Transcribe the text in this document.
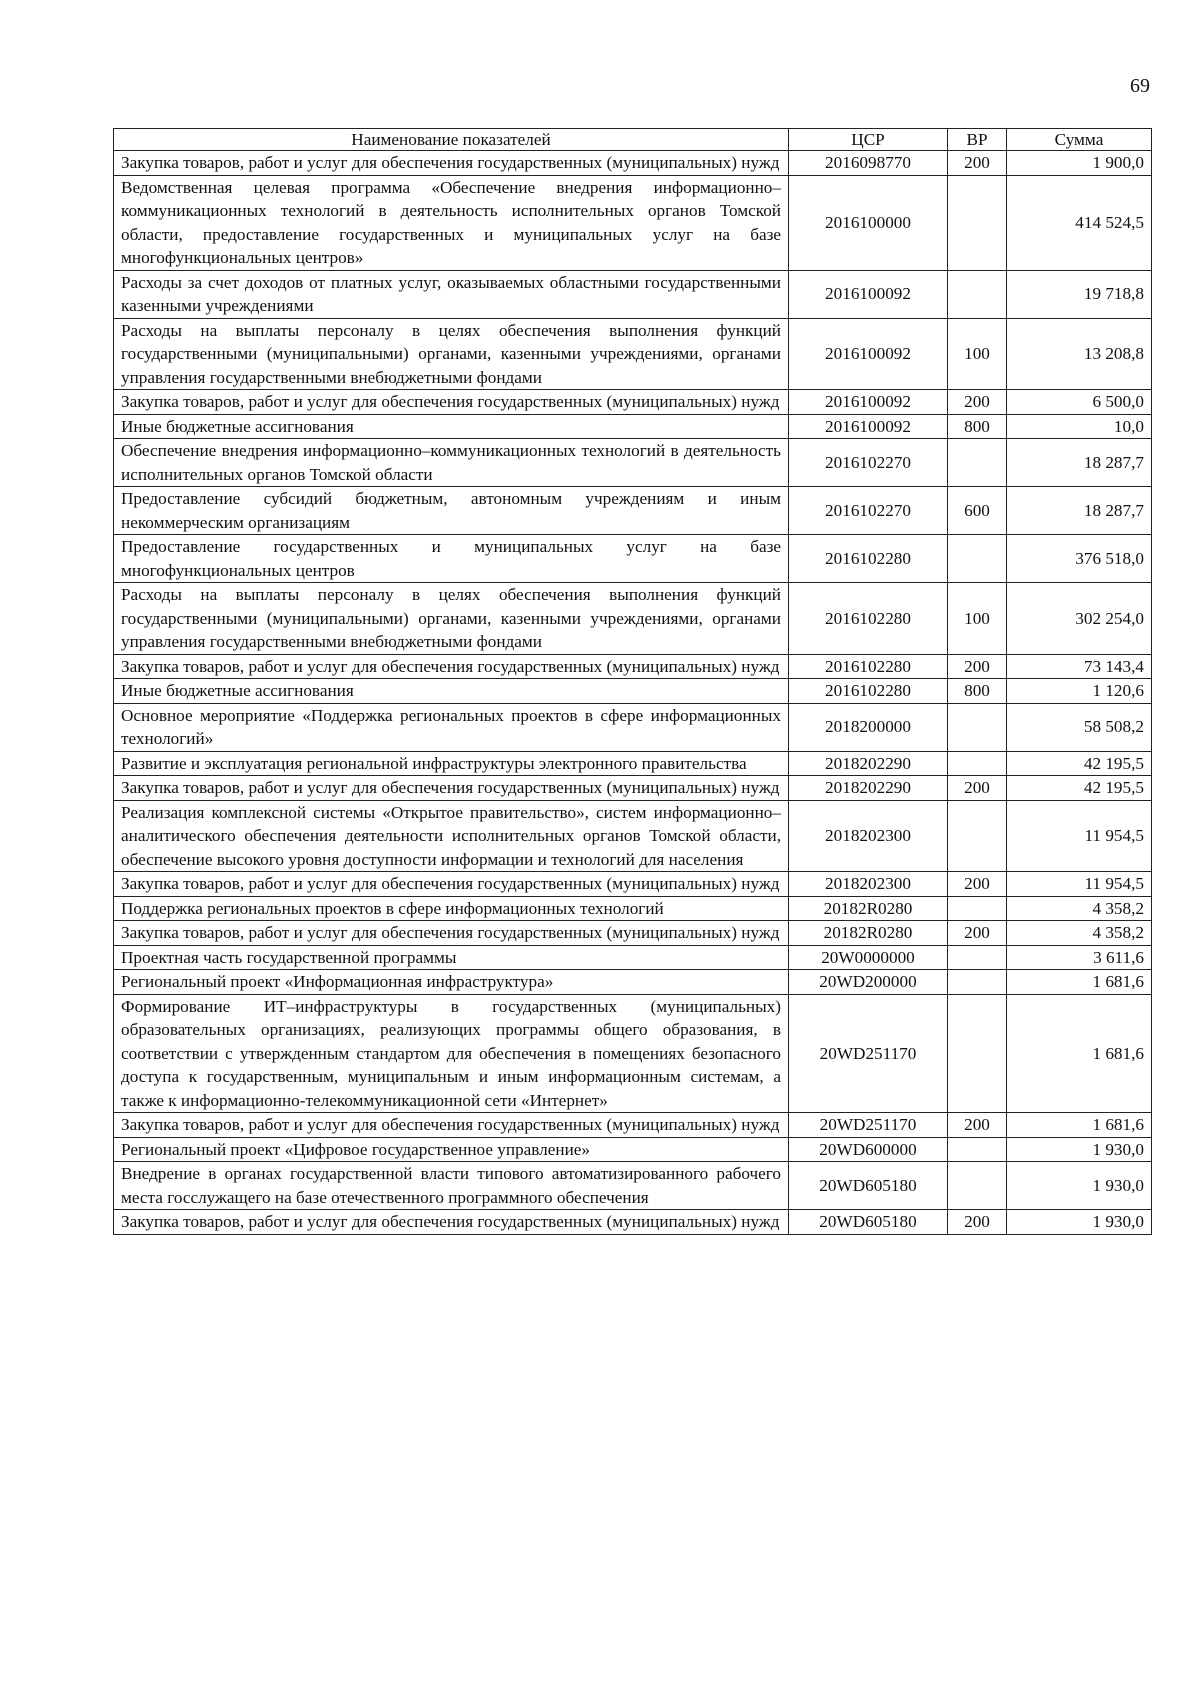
69
Наименование показателей	ЦСР	ВР	Сумма
Закупка товаров, работ и услуг для обеспечения государственных (муниципальных) нужд	2016098770	200	1 900,0
Ведомственная целевая программа «Обеспечение внедрения информационно–коммуникационных технологий в деятельность исполнительных органов Томской области, предоставление государственных и муниципальных услуг на базе многофункциональных центров»	2016100000		414 524,5
Расходы за счет доходов от платных услуг, оказываемых областными государственными казенными учреждениями	2016100092		19 718,8
Расходы на выплаты персоналу в целях обеспечения выполнения функций государственными (муниципальными) органами, казенными учреждениями, органами управления государственными внебюджетными фондами	2016100092	100	13 208,8
Закупка товаров, работ и услуг для обеспечения государственных (муниципальных) нужд	2016100092	200	6 500,0
Иные бюджетные ассигнования	2016100092	800	10,0
Обеспечение внедрения информационно–коммуникационных технологий в деятельность исполнительных органов Томской области	2016102270		18 287,7
Предоставление субсидий бюджетным, автономным учреждениям и иным некоммерческим организациям	2016102270	600	18 287,7
Предоставление государственных и муниципальных услуг на базе многофункциональных центров	2016102280		376 518,0
Расходы на выплаты персоналу в целях обеспечения выполнения функций государственными (муниципальными) органами, казенными учреждениями, органами управления государственными внебюджетными фондами	2016102280	100	302 254,0
Закупка товаров, работ и услуг для обеспечения государственных (муниципальных) нужд	2016102280	200	73 143,4
Иные бюджетные ассигнования	2016102280	800	1 120,6
Основное мероприятие «Поддержка региональных проектов в сфере информационных технологий»	2018200000		58 508,2
Развитие и эксплуатация региональной инфраструктуры электронного правительства	2018202290		42 195,5
Закупка товаров, работ и услуг для обеспечения государственных (муниципальных) нужд	2018202290	200	42 195,5
Реализация комплексной системы «Открытое правительство», систем информационно–аналитического обеспечения деятельности исполнительных органов Томской области, обеспечение высокого уровня доступности информации и технологий для населения	2018202300		11 954,5
Закупка товаров, работ и услуг для обеспечения государственных (муниципальных) нужд	2018202300	200	11 954,5
Поддержка региональных проектов в сфере информационных технологий	20182R0280		4 358,2
Закупка товаров, работ и услуг для обеспечения государственных (муниципальных) нужд	20182R0280	200	4 358,2
Проектная часть государственной программы	20W0000000		3 611,6
Региональный проект «Информационная инфраструктура»	20WD200000		1 681,6
Формирование ИТ–инфраструктуры в государственных (муниципальных) образовательных организациях, реализующих программы общего образования, в соответствии с утвержденным стандартом для обеспечения в помещениях безопасного доступа к государственным, муниципальным и иным информационным системам, а также к информационно-телекоммуникационной сети «Интернет»	20WD251170		1 681,6
Закупка товаров, работ и услуг для обеспечения государственных (муниципальных) нужд	20WD251170	200	1 681,6
Региональный проект «Цифровое государственное управление»	20WD600000		1 930,0
Внедрение в органах государственной власти типового автоматизированного рабочего места госслужащего на базе отечественного программного обеспечения	20WD605180		1 930,0
Закупка товаров, работ и услуг для обеспечения государственных (муниципальных) нужд	20WD605180	200	1 930,0
